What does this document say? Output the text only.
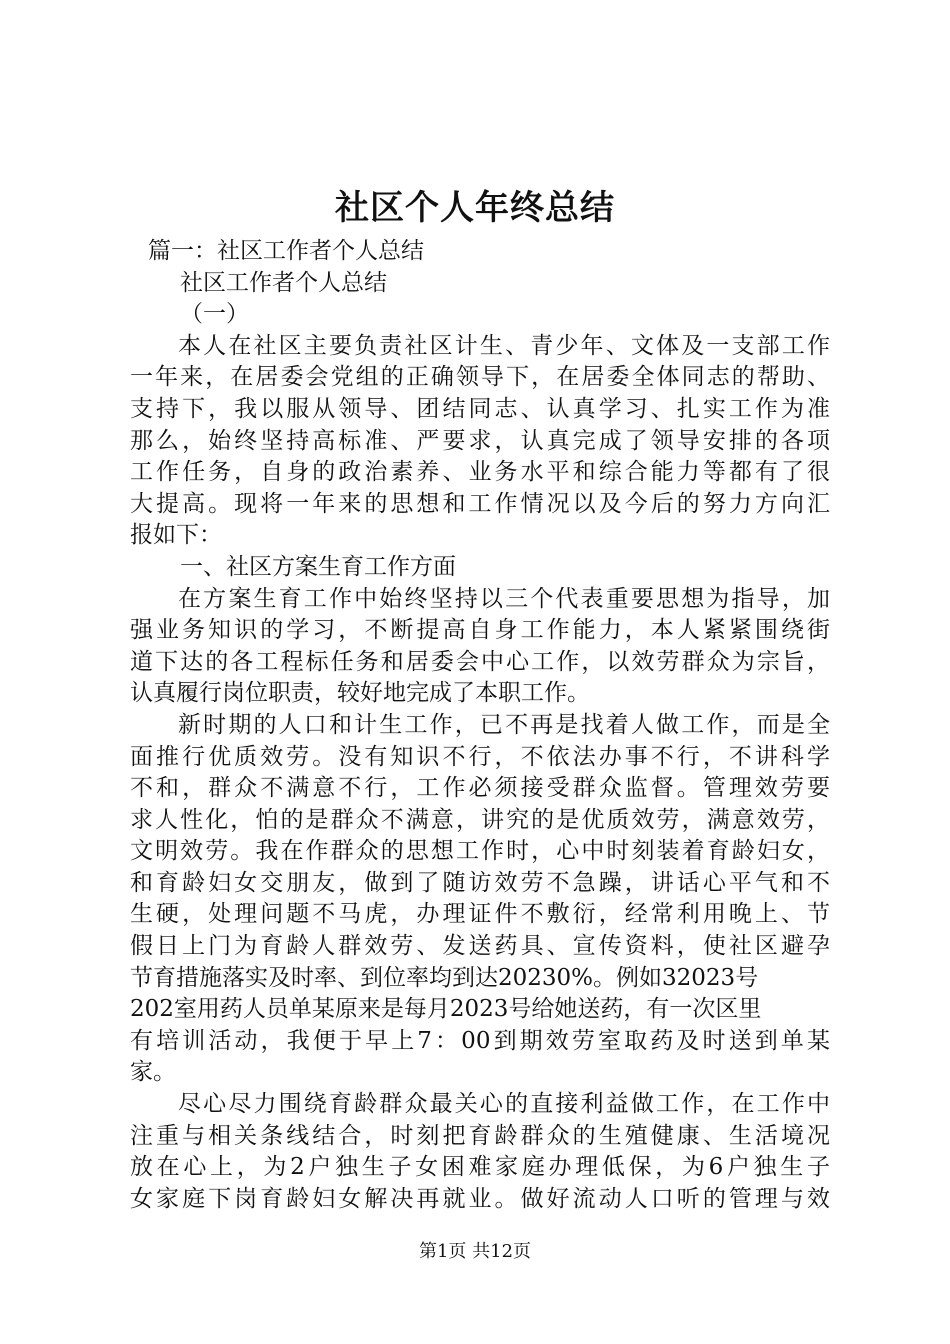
社区个人年终总结
篇一：社区工作者个人总结
社区工作者个人总结
（一）
本人在社区主要负责社区计生、青少年、文体及一支部工作
一年来，在居委会党组的正确领导下，在居委全体同志的帮助、
支持下，我以服从领导、团结同志、认真学习、扎实工作为准
那么，始终坚持高标准、严要求，认真完成了领导安排的各项
工作任务，自身的政治素养、业务水平和综合能力等都有了很
大提高。现将一年来的思想和工作情况以及今后的努力方向汇
报如下：
一、社区方案生育工作方面
在方案生育工作中始终坚持以三个代表重要思想为指导，加
强业务知识的学习，不断提高自身工作能力，本人紧紧围绕街
道下达的各工程标任务和居委会中心工作，以效劳群众为宗旨，
认真履行岗位职责，较好地完成了本职工作。
新时期的人口和计生工作，已不再是找着人做工作，而是全
面推行优质效劳。没有知识不行，不依法办事不行，不讲科学
不和，群众不满意不行，工作必须接受群众监督。管理效劳要
求人性化，怕的是群众不满意，讲究的是优质效劳，满意效劳，
文明效劳。我在作群众的思想工作时，心中时刻装着育龄妇女，
和育龄妇女交朋友，做到了随访效劳不急躁，讲话心平气和不
生硬，处理问题不马虎，办理证件不敷衍，经常利用晚上、节
假日上门为育龄人群效劳、发送药具、宣传资料，使社区避孕
节育措施落实及时率、到位率均到达20230%。例如32023号
202室用药人员单某原来是每月2023号给她送药，有一次区里
有培训活动，我便于早上7：00到期效劳室取药及时送到单某
家。
尽心尽力围绕育龄群众最关心的直接利益做工作，在工作中
注重与相关条线结合，时刻把育龄群众的生殖健康、生活境况
放在心上，为2户独生子女困难家庭办理低保，为6户独生子
女家庭下岗育龄妇女解决再就业。做好流动人口听的管理与效
第1页 共12页
